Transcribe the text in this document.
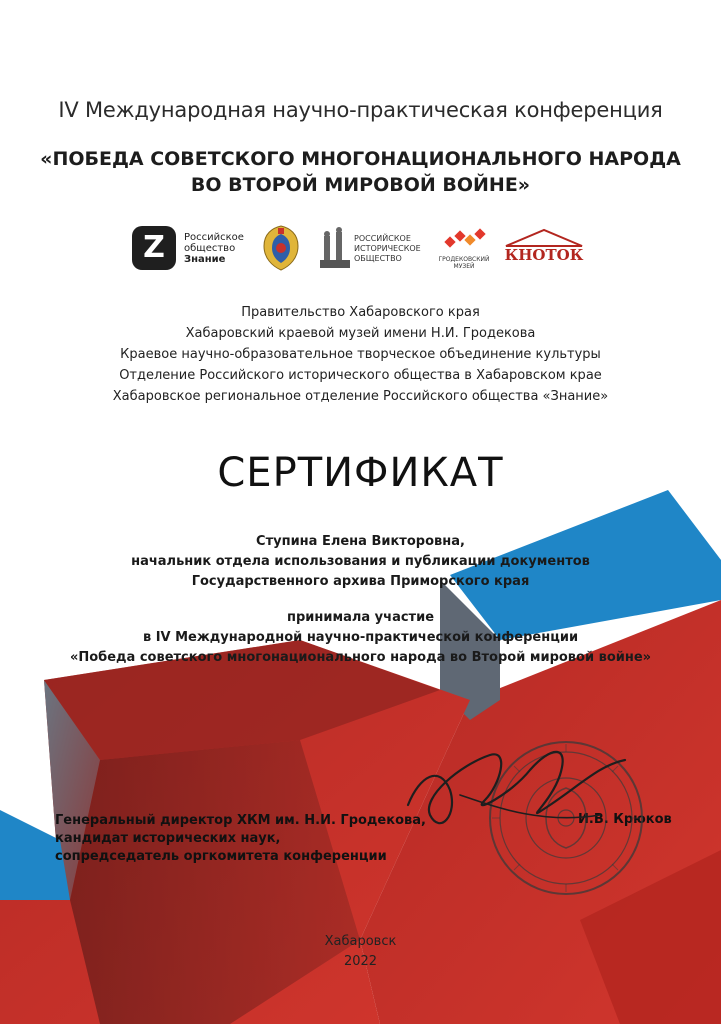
IV Международная научно-практическая конференция
«ПОБЕДА СОВЕТСКОГО МНОГОНАЦИОНАЛЬНОГО НАРОДА
ВО ВТОРОЙ МИРОВОЙ ВОЙНЕ»
Z	Российское
общество
Знание
РОССИЙСКОЕ
ИСТОРИЧЕСКОЕ
ОБЩЕСТВО	ГРОДЕКОВСКИЙ
МУЗЕЙ
КНОТОК
Правительство Хабаровского края
Хабаровский краевой музей имени Н.И. Гродекова
Краевое научно-образовательное творческое объединение культуры
Отделение Российского исторического общества в Хабаровском крае
Хабаровское региональное отделение Российского общества «Знание»
СЕРТИФИКАТ
Ступина Елена Викторовна,
начальник отдела использования и публикации документов
Государственного архива Приморского края
принимала участие
в IV Международной научно-практической конференции
«Победа советского многонационального народа во Второй мировой войне»
Генеральный директор ХКМ им. Н.И. Гродекова,
кандидат исторических наук,
сопредседатель оргкомитета конференции
И.В. Крюков
Хабаровск
2022
